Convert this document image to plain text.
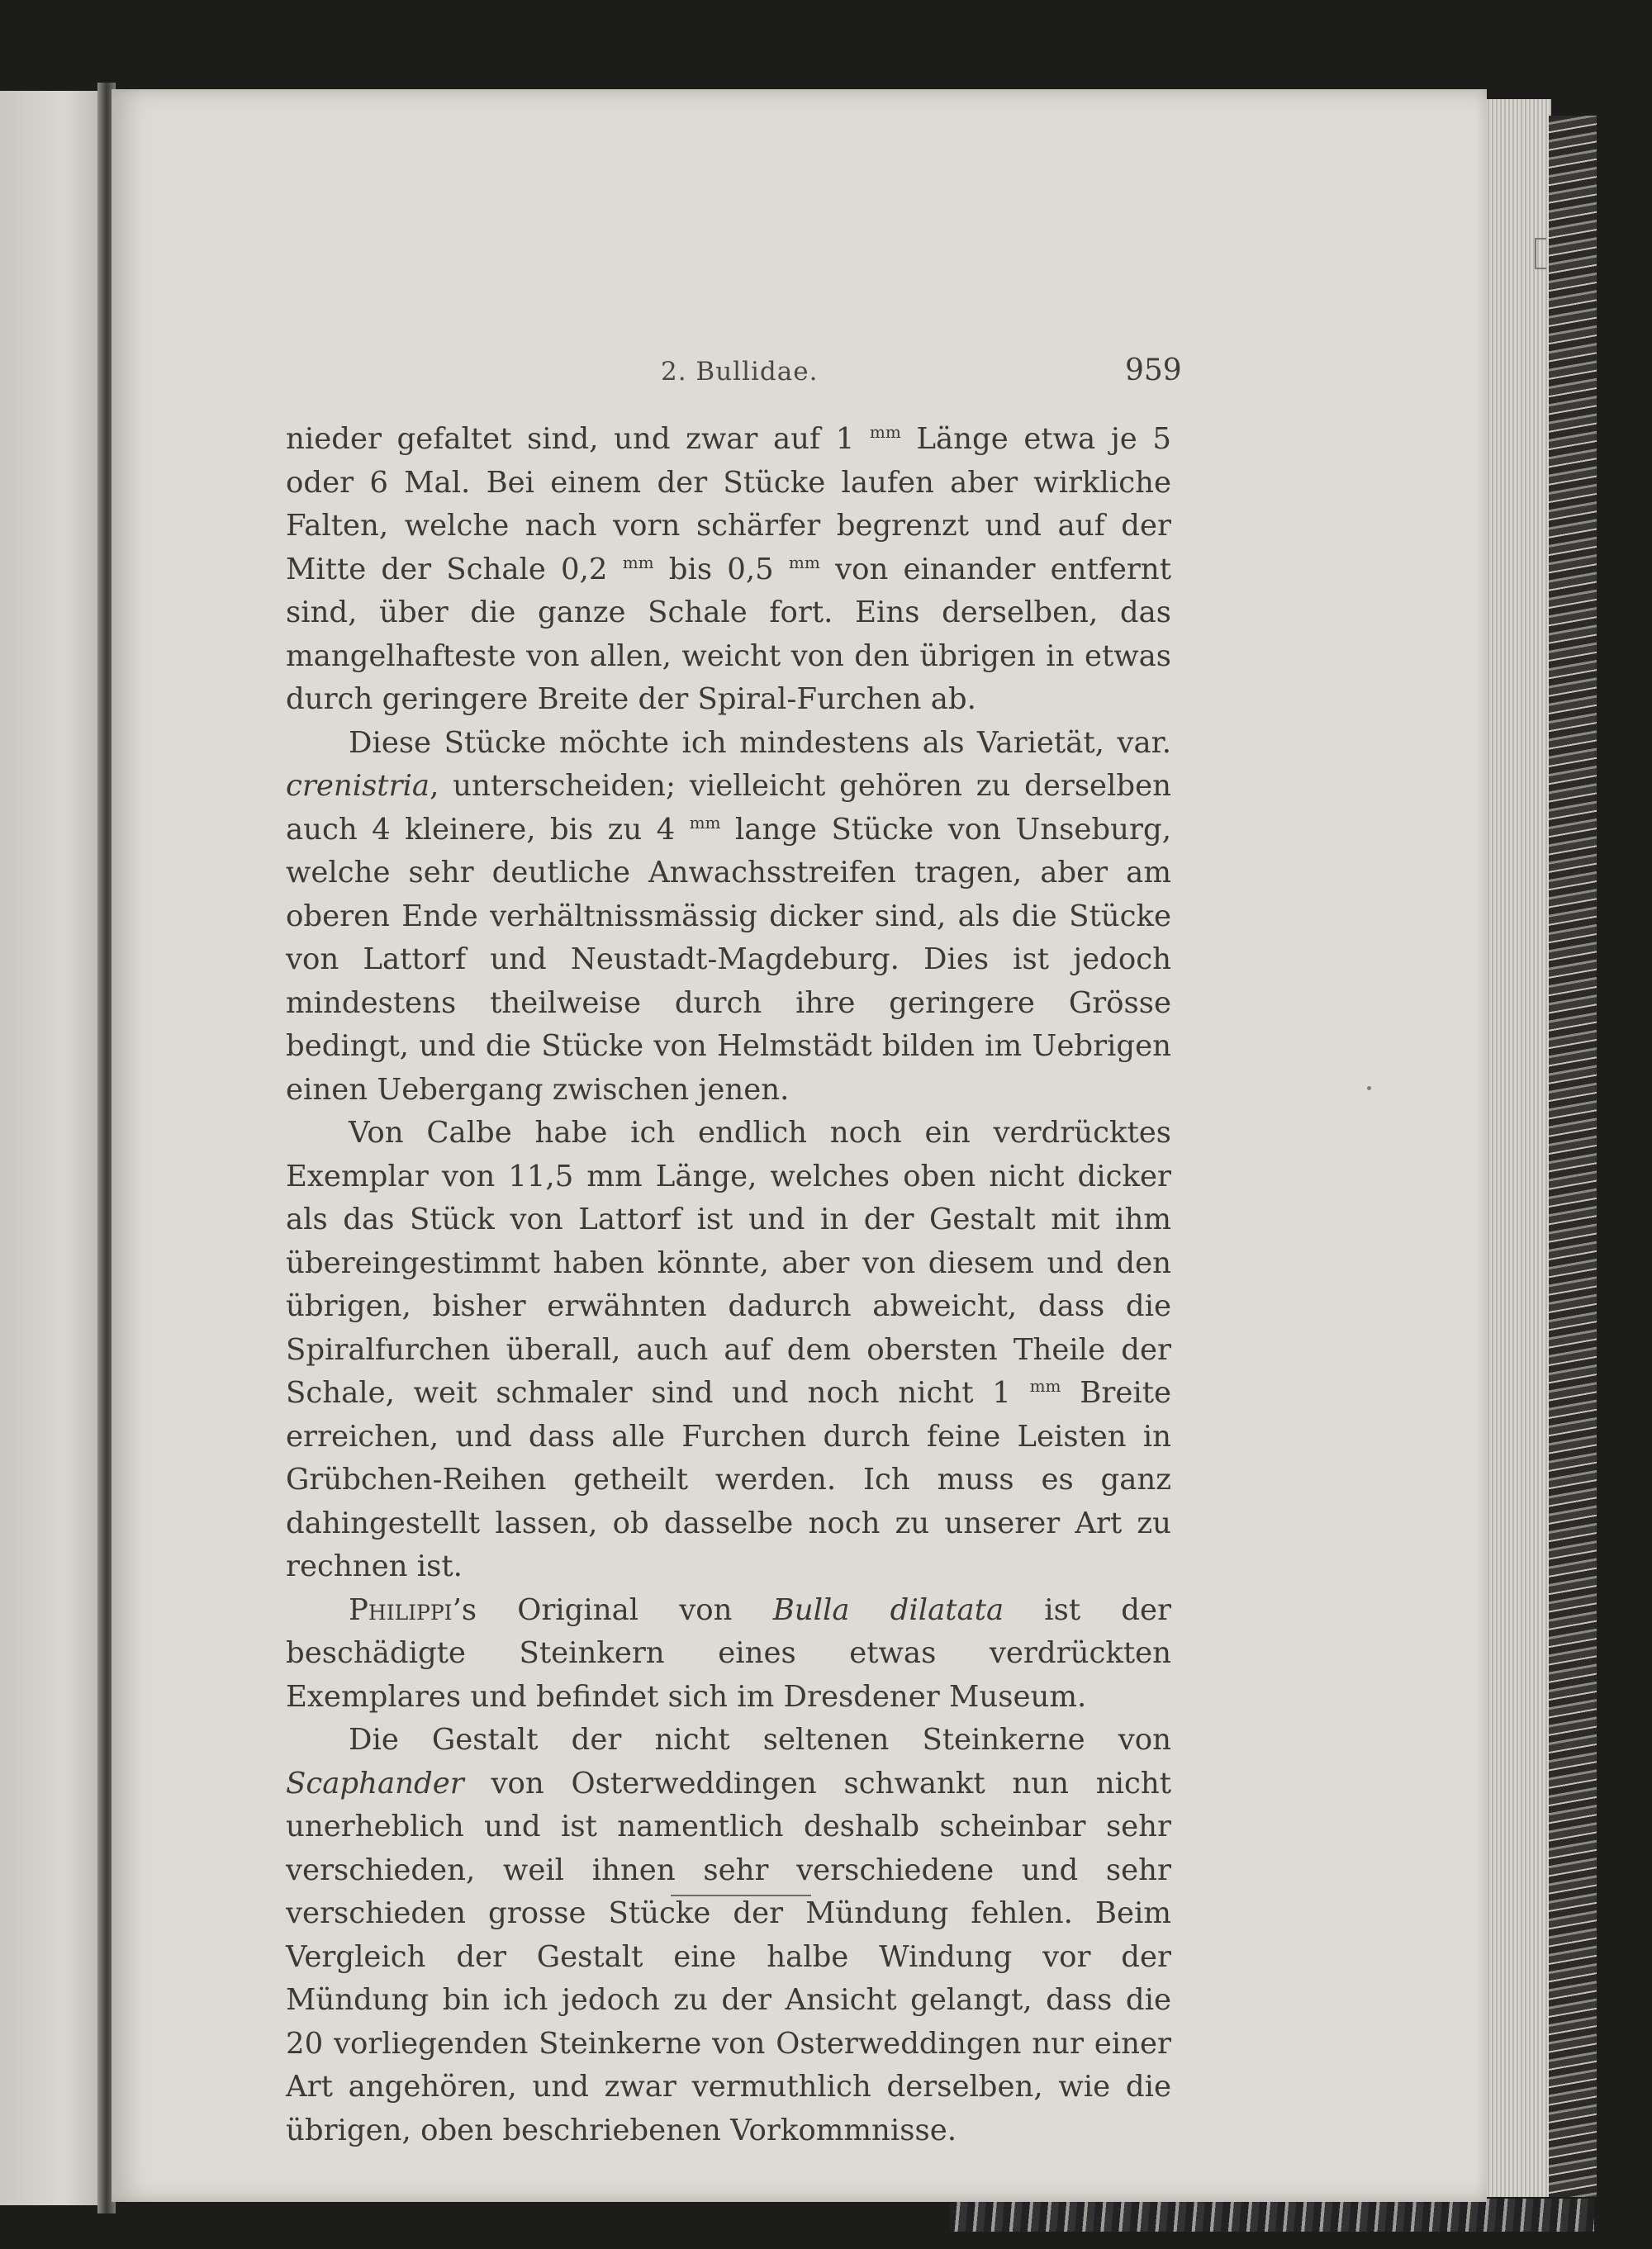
2. Bullidae.	959

nieder gefaltet sind, und zwar auf 1 $^{mm}$ Länge etwa je 5 oder 6 Mal. Bei einem der Stücke laufen aber wirkliche Falten, welche nach vorn schärfer begrenzt und auf der Mitte der Schale 0,2 $^{mm}$ bis 0,5 $^{mm}$ von einander entfernt sind, über die ganze Schale fort. Eins derselben, das mangelhafteste von allen, weicht von den übrigen in etwas durch geringere Breite der Spiral-Furchen ab.

Diese Stücke möchte ich mindestens als Varietät, var. crenistria, unterscheiden; vielleicht gehören zu derselben auch 4 kleinere, bis zu 4 $^{mm}$ lange Stücke von Unseburg, welche sehr deutliche Anwachsstreifen tragen, aber am oberen Ende verhältnissmässig dicker sind, als die Stücke von Lattorf und Neustadt-Magdeburg. Dies ist jedoch mindestens theilweise durch ihre geringere Grösse bedingt, und die Stücke von Helmstädt bilden im Uebrigen einen Uebergang zwischen jenen.

Von Calbe habe ich endlich noch ein verdrücktes Exemplar von 11,5 mm Länge, welches oben nicht dicker als das Stück von Lattorf ist und in der Gestalt mit ihm übereingestimmt haben könnte, aber von diesem und den übrigen, bisher erwähnten dadurch abweicht, dass die Spiralfurchen überall, auch auf dem obersten Theile der Schale, weit schmaler sind und noch nicht 1 $^{mm}$ Breite erreichen, und dass alle Furchen durch feine Leisten in Grübchen-Reihen getheilt werden. Ich muss es ganz dahingestellt lassen, ob dasselbe noch zu unserer Art zu rechnen ist.

Philippi’s Original von Bulla dilatata ist der beschädigte Steinkern eines etwas verdrückten Exemplares und befindet sich im Dresdener Museum.

Die Gestalt der nicht seltenen Steinkerne von Scaphander von Osterweddingen schwankt nun nicht unerheblich und ist namentlich deshalb scheinbar sehr verschieden, weil ihnen sehr verschiedene und sehr verschieden grosse Stücke der Mündung fehlen. Beim Vergleich der Gestalt eine halbe Windung vor der Mündung bin ich jedoch zu der Ansicht gelangt, dass die 20 vorliegenden Steinkerne von Osterweddingen nur einer Art angehören, und zwar vermuthlich derselben, wie die übrigen, oben beschriebenen Vorkommnisse.
